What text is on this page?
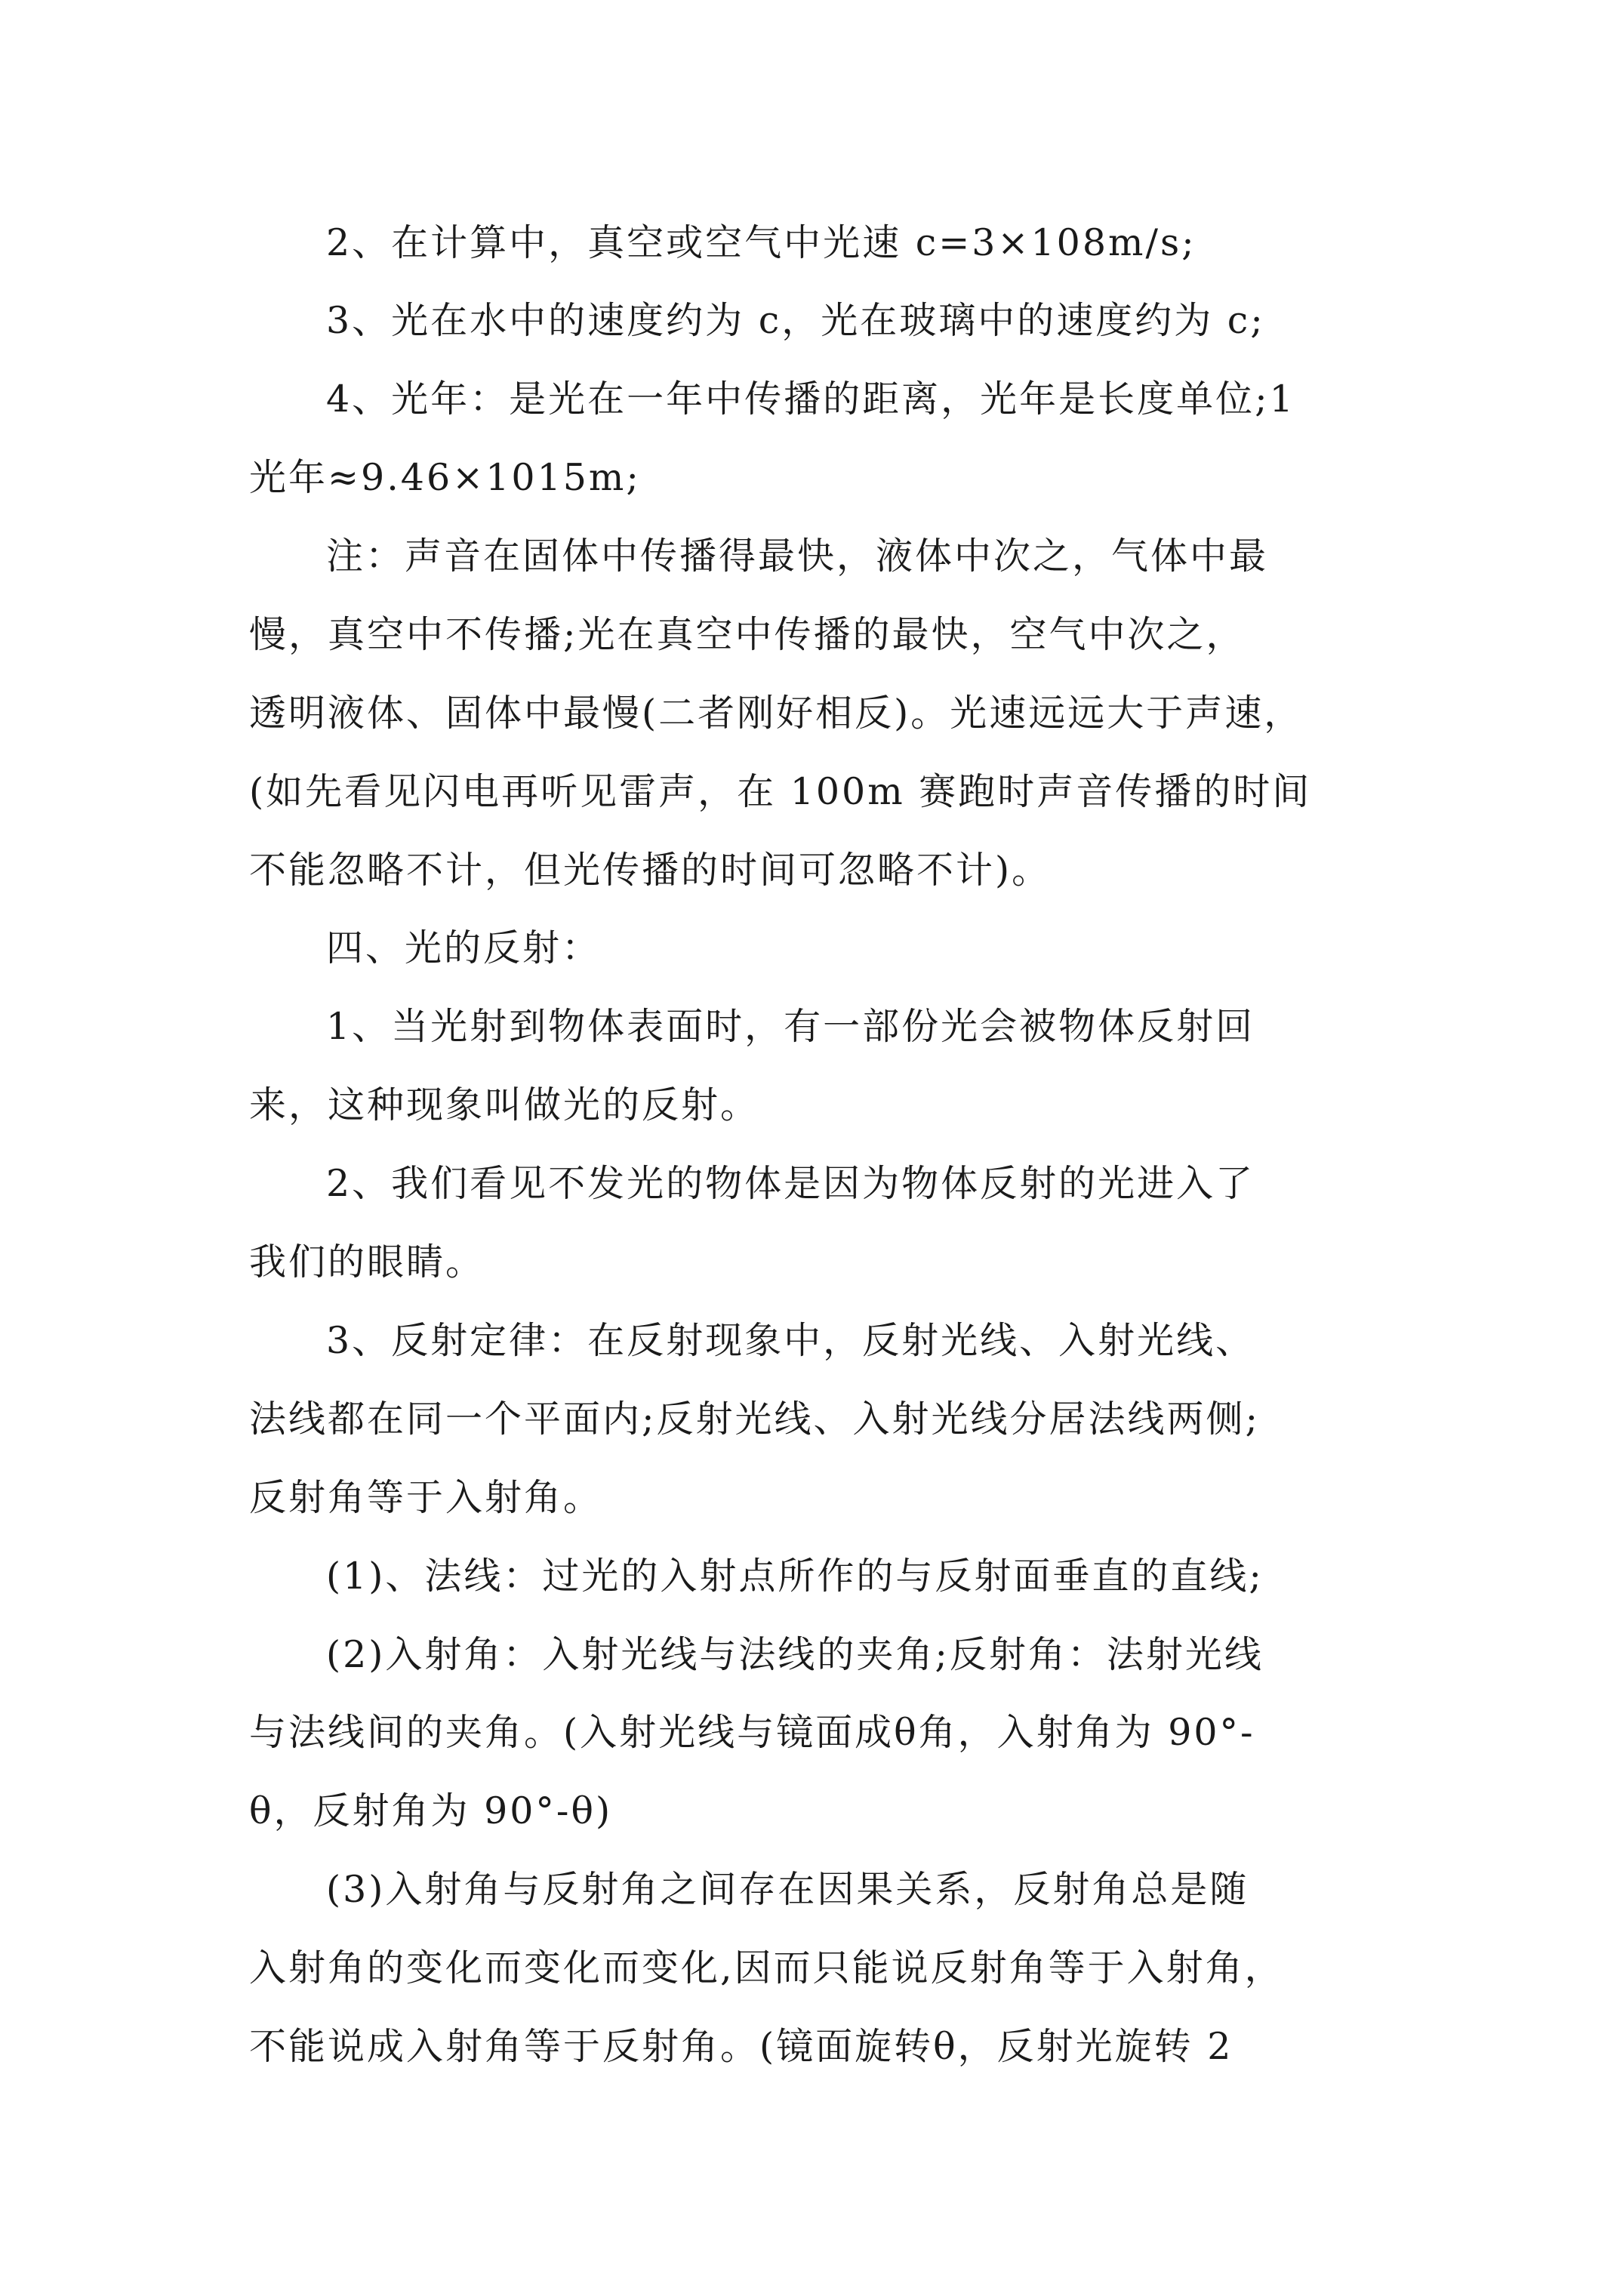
2、在计算中，真空或空气中光速 c=3×108m/s;
3、光在水中的速度约为 c，光在玻璃中的速度约为 c;
4、光年：是光在一年中传播的距离，光年是长度单位;1
光年≈9.46×1015m;
注：声音在固体中传播得最快，液体中次之，气体中最
慢，真空中不传播;光在真空中传播的最快，空气中次之，
透明液体、固体中最慢(二者刚好相反)。光速远远大于声速，
(如先看见闪电再听见雷声，在 100m 赛跑时声音传播的时间
不能忽略不计，但光传播的时间可忽略不计)。
四、光的反射：
1、当光射到物体表面时，有一部份光会被物体反射回
来，这种现象叫做光的反射。
2、我们看见不发光的物体是因为物体反射的光进入了
我们的眼睛。
3、反射定律：在反射现象中，反射光线、入射光线、
法线都在同一个平面内;反射光线、入射光线分居法线两侧;
反射角等于入射角。
(1)、法线：过光的入射点所作的与反射面垂直的直线;
(2)入射角：入射光线与法线的夹角;反射角：法射光线
与法线间的夹角。(入射光线与镜面成θ角，入射角为 90°-
θ，反射角为 90°-θ)
(3)入射角与反射角之间存在因果关系，反射角总是随
入射角的变化而变化而变化,因而只能说反射角等于入射角，
不能说成入射角等于反射角。(镜面旋转θ，反射光旋转 2
